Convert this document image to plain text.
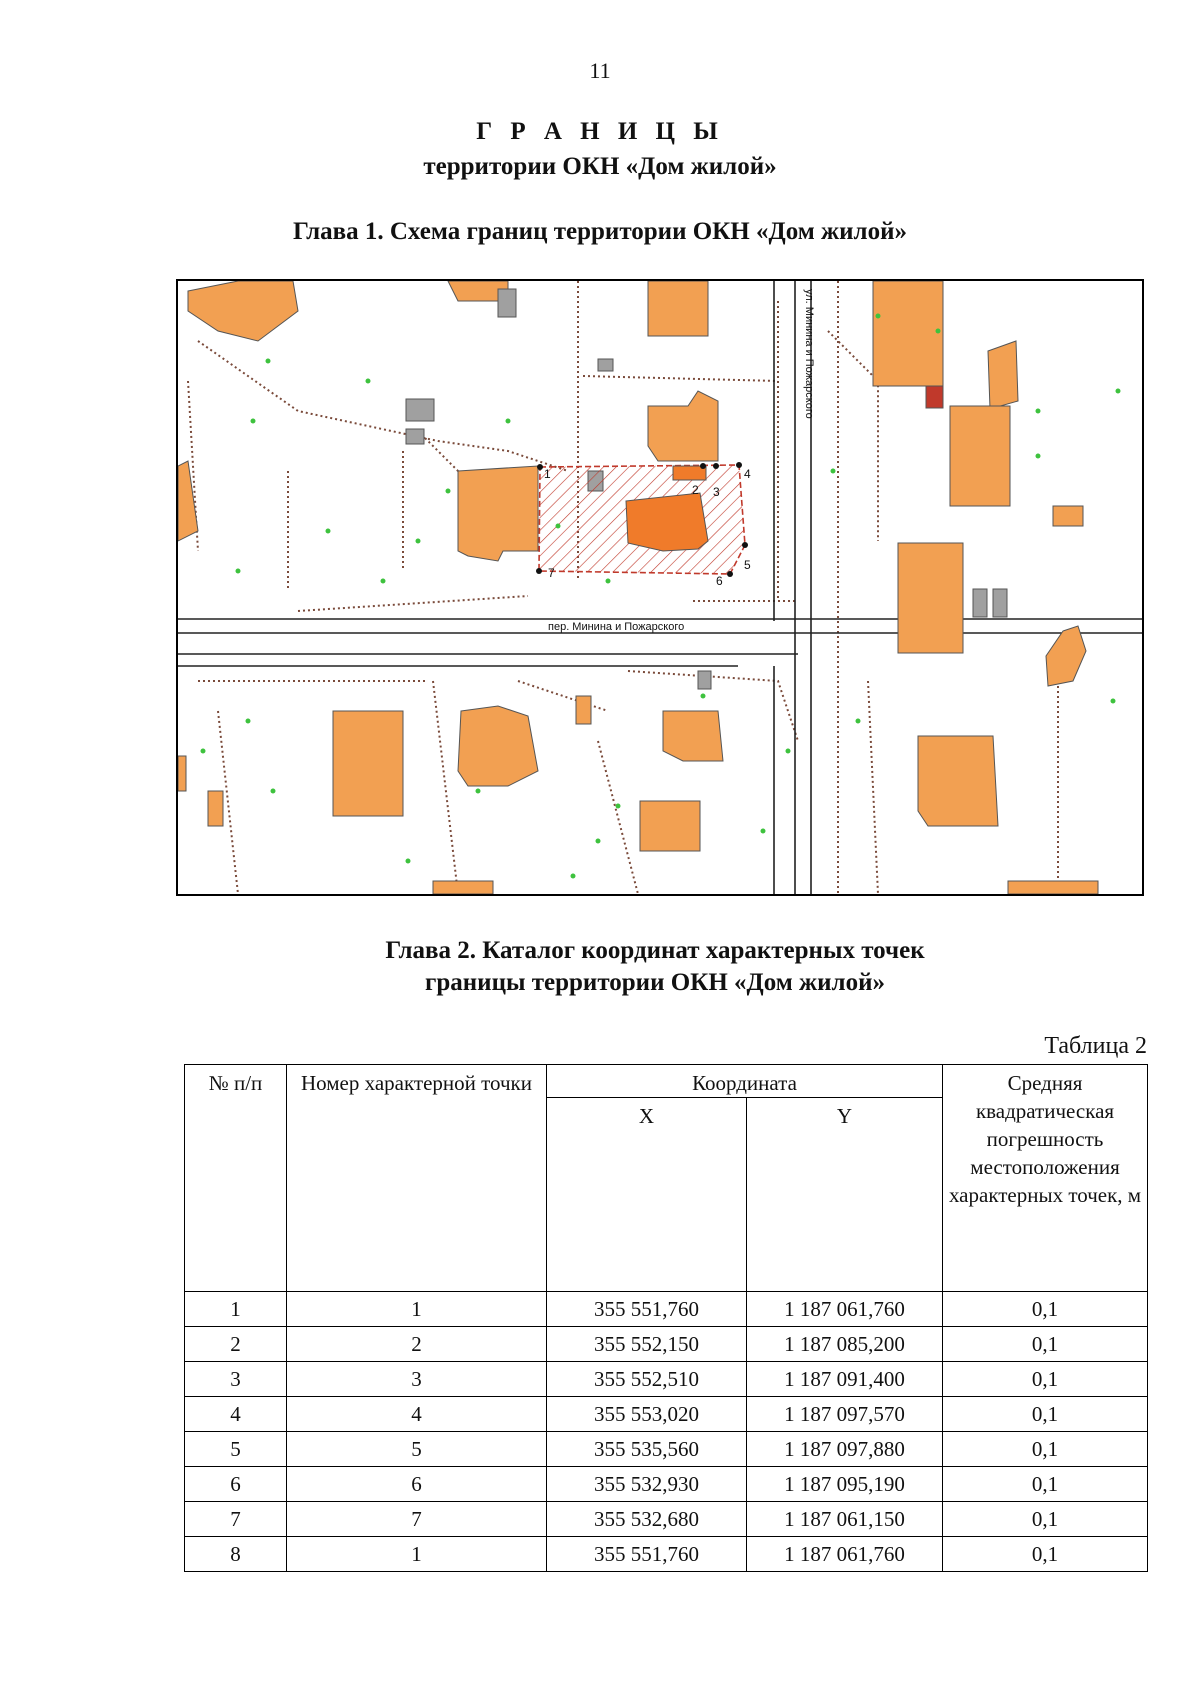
11
Г Р А Н И Ц Ы
территории ОКН «Дом жилой»
Глава 1. Схема границ территории ОКН «Дом жилой»
1
2 3
4
5
6
7
пер. Минина и Пожарского
ул. Минина и Пожарского
Глава 2. Каталог координат характерных точек
границы территории ОКН «Дом жилой»
Таблица 2
№ п/п	Номер характерной точки	Координата		Средняя квадратическая погрешность местоположения характерных точек, м
		X	Y	
1	1	355 551,760	1 187 061,760	0,1
2	2	355 552,150	1 187 085,200	0,1
3	3	355 552,510	1 187 091,400	0,1
4	4	355 553,020	1 187 097,570	0,1
5	5	355 535,560	1 187 097,880	0,1
6	6	355 532,930	1 187 095,190	0,1
7	7	355 532,680	1 187 061,150	0,1
8	1	355 551,760	1 187 061,760	0,1
